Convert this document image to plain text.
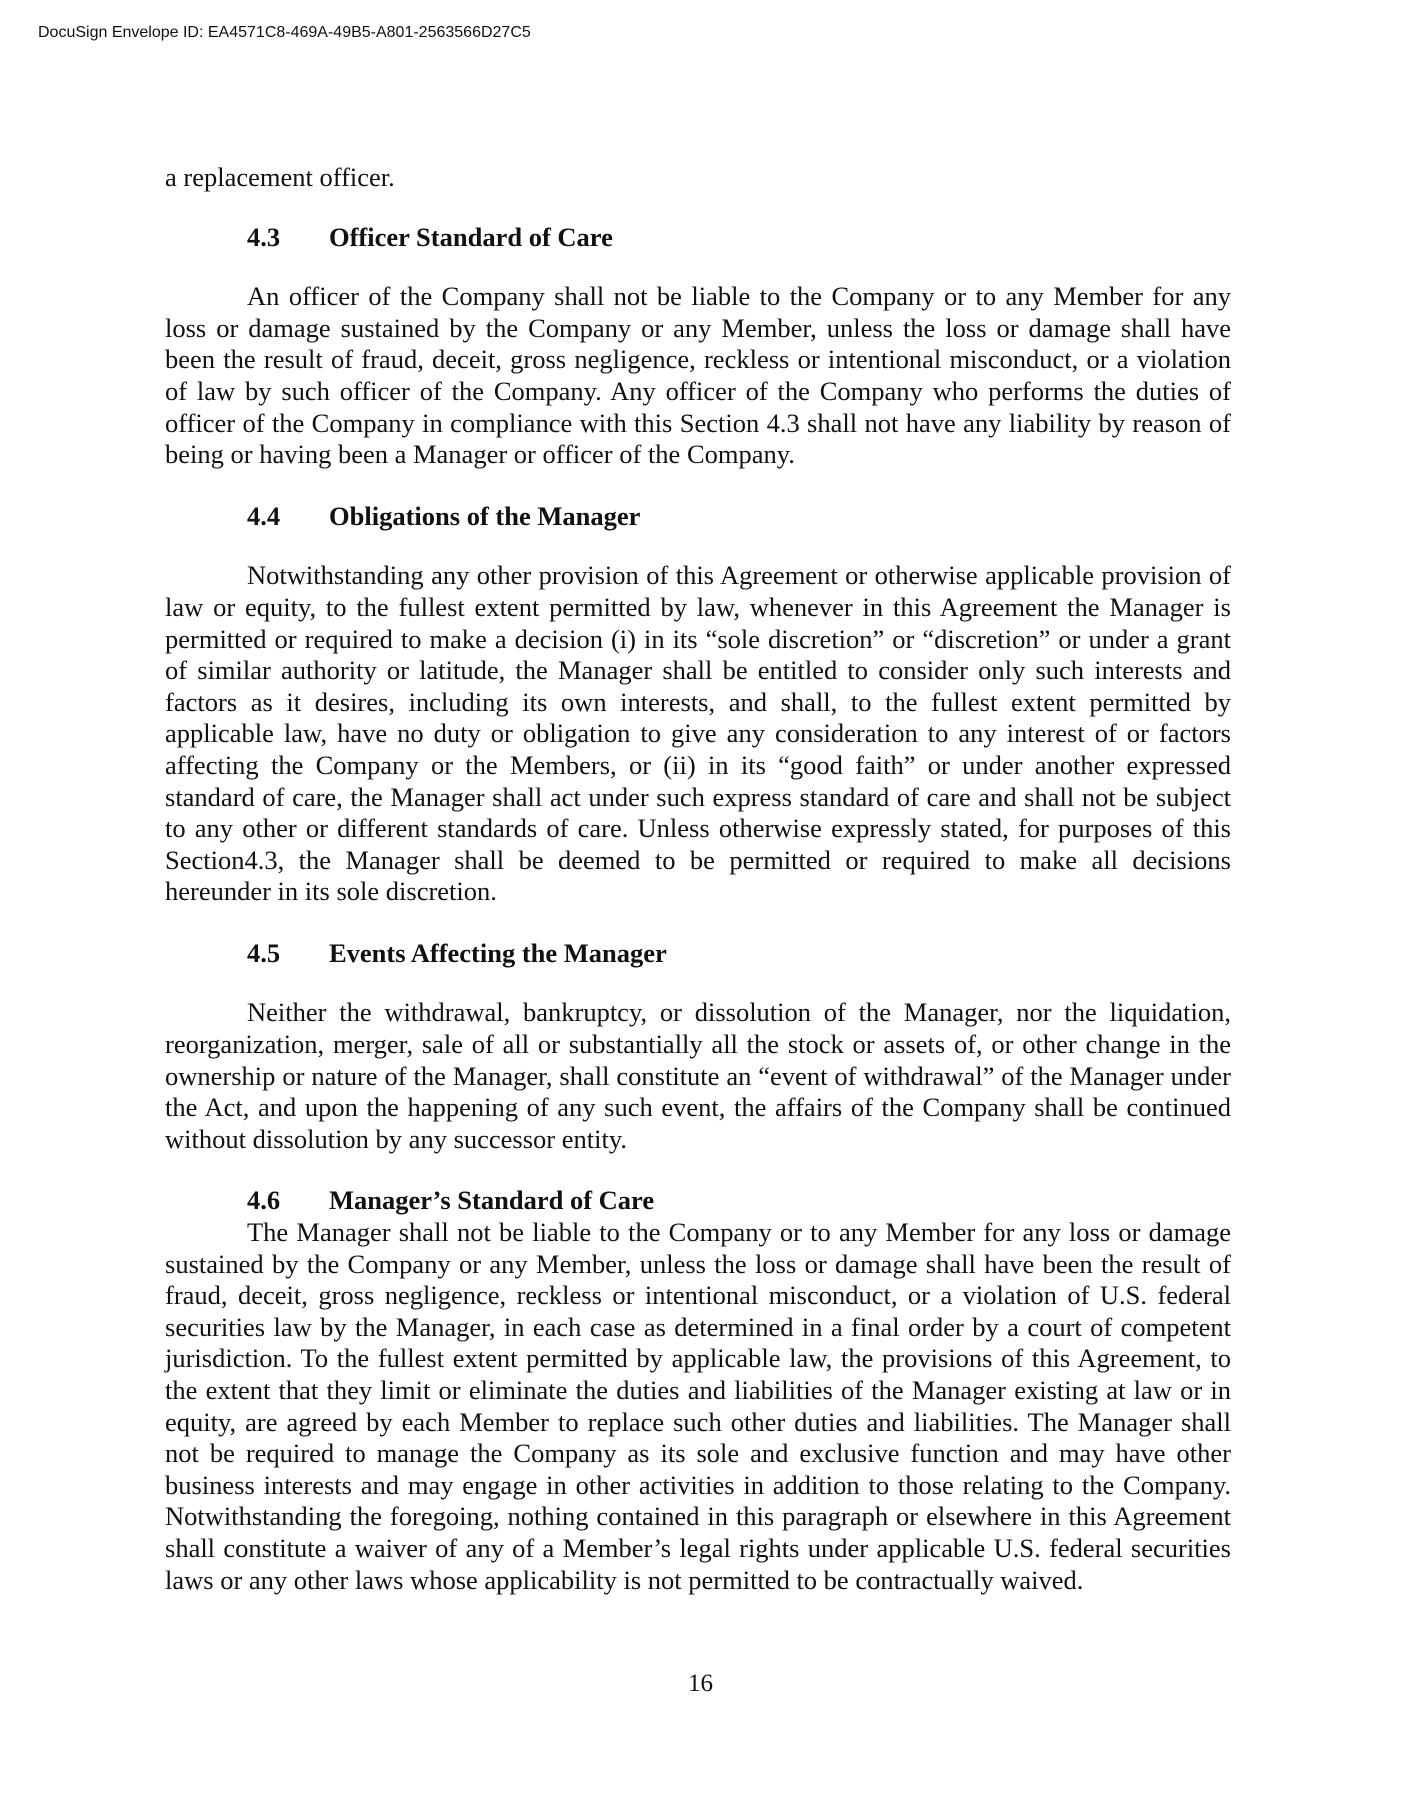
DocuSign Envelope ID: EA4571C8-469A-49B5-A801-2563566D27C5

a replacement officer.

4.3 Officer Standard of Care

An officer of the Company shall not be liable to the Company or to any Member for any loss or damage sustained by the Company or any Member, unless the loss or damage shall have been the result of fraud, deceit, gross negligence, reckless or intentional misconduct, or a violation of law by such officer of the Company. Any officer of the Company who performs the duties of officer of the Company in compliance with this Section 4.3 shall not have any liability by reason of being or having been a Manager or officer of the Company.

4.4 Obligations of the Manager

Notwithstanding any other provision of this Agreement or otherwise applicable provision of law or equity, to the fullest extent permitted by law, whenever in this Agreement the Manager is permitted or required to make a decision (i) in its “sole discretion” or “discretion” or under a grant of similar authority or latitude, the Manager shall be entitled to consider only such interests and factors as it desires, including its own interests, and shall, to the fullest extent permitted by applicable law, have no duty or obligation to give any consideration to any interest of or factors affecting the Company or the Members, or (ii) in its “good faith” or under another expressed standard of care, the Manager shall act under such express standard of care and shall not be subject to any other or different standards of care. Unless otherwise expressly stated, for purposes of this Section4.3, the Manager shall be deemed to be permitted or required to make all decisions hereunder in its sole discretion.

4.5 Events Affecting the Manager

Neither the withdrawal, bankruptcy, or dissolution of the Manager, nor the liquidation, reorganization, merger, sale of all or substantially all the stock or assets of, or other change in the ownership or nature of the Manager, shall constitute an “event of withdrawal” of the Manager under the Act, and upon the happening of any such event, the affairs of the Company shall be continued without dissolution by any successor entity.

4.6 Manager’s Standard of Care

The Manager shall not be liable to the Company or to any Member for any loss or damage sustained by the Company or any Member, unless the loss or damage shall have been the result of fraud, deceit, gross negligence, reckless or intentional misconduct, or a violation of U.S. federal securities law by the Manager, in each case as determined in a final order by a court of competent jurisdiction. To the fullest extent permitted by applicable law, the provisions of this Agreement, to the extent that they limit or eliminate the duties and liabilities of the Manager existing at law or in equity, are agreed by each Member to replace such other duties and liabilities. The Manager shall not be required to manage the Company as its sole and exclusive function and may have other business interests and may engage in other activities in addition to those relating to the Company. Notwithstanding the foregoing, nothing contained in this paragraph or elsewhere in this Agreement shall constitute a waiver of any of a Member’s legal rights under applicable U.S. federal securities laws or any other laws whose applicability is not permitted to be contractually waived.

16
